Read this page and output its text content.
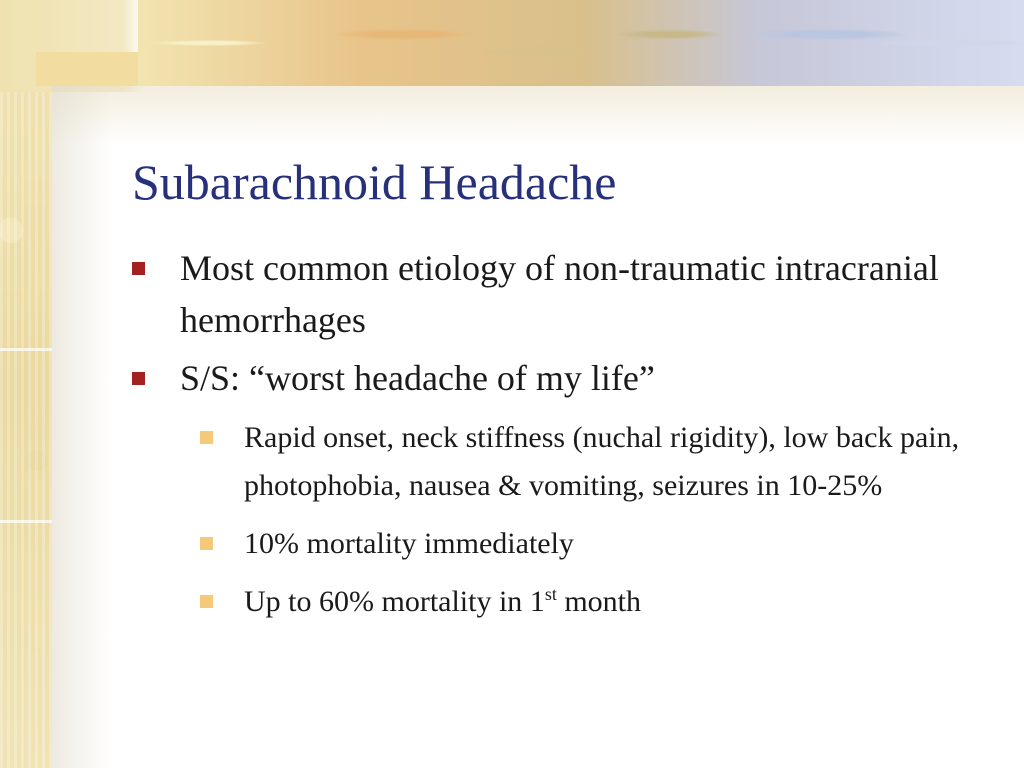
Subarachnoid Headache
Most common etiology of non-traumatic intracranial hemorrhages
S/S: “worst headache of my life”
Rapid onset, neck stiffness (nuchal rigidity), low back pain, photophobia, nausea & vomiting, seizures in 10-25%
10% mortality immediately
Up to 60% mortality in 1st month
